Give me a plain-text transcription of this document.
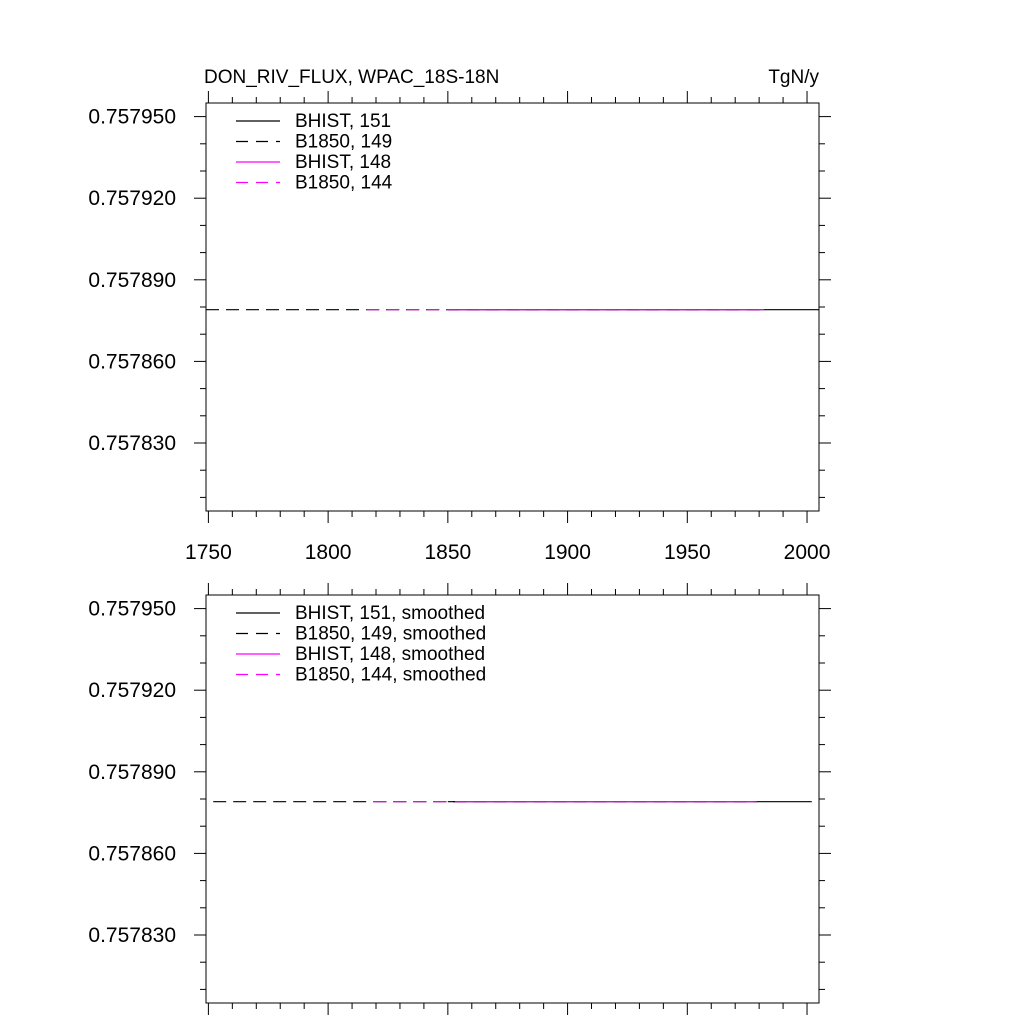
DON_RIV_FLUX, WPAC_18S-18N	TgN/y
1750	1800	1850	1900	1950	2000
0.757830
0.757860
0.757890
0.757920
0.757950	BHIST, 151
B1850, 149
BHIST, 148
B1850, 144
0.757830
0.757860
0.757890
0.757920
0.757950	BHIST, 151, smoothed
B1850, 149, smoothed
BHIST, 148, smoothed
B1850, 144, smoothed
